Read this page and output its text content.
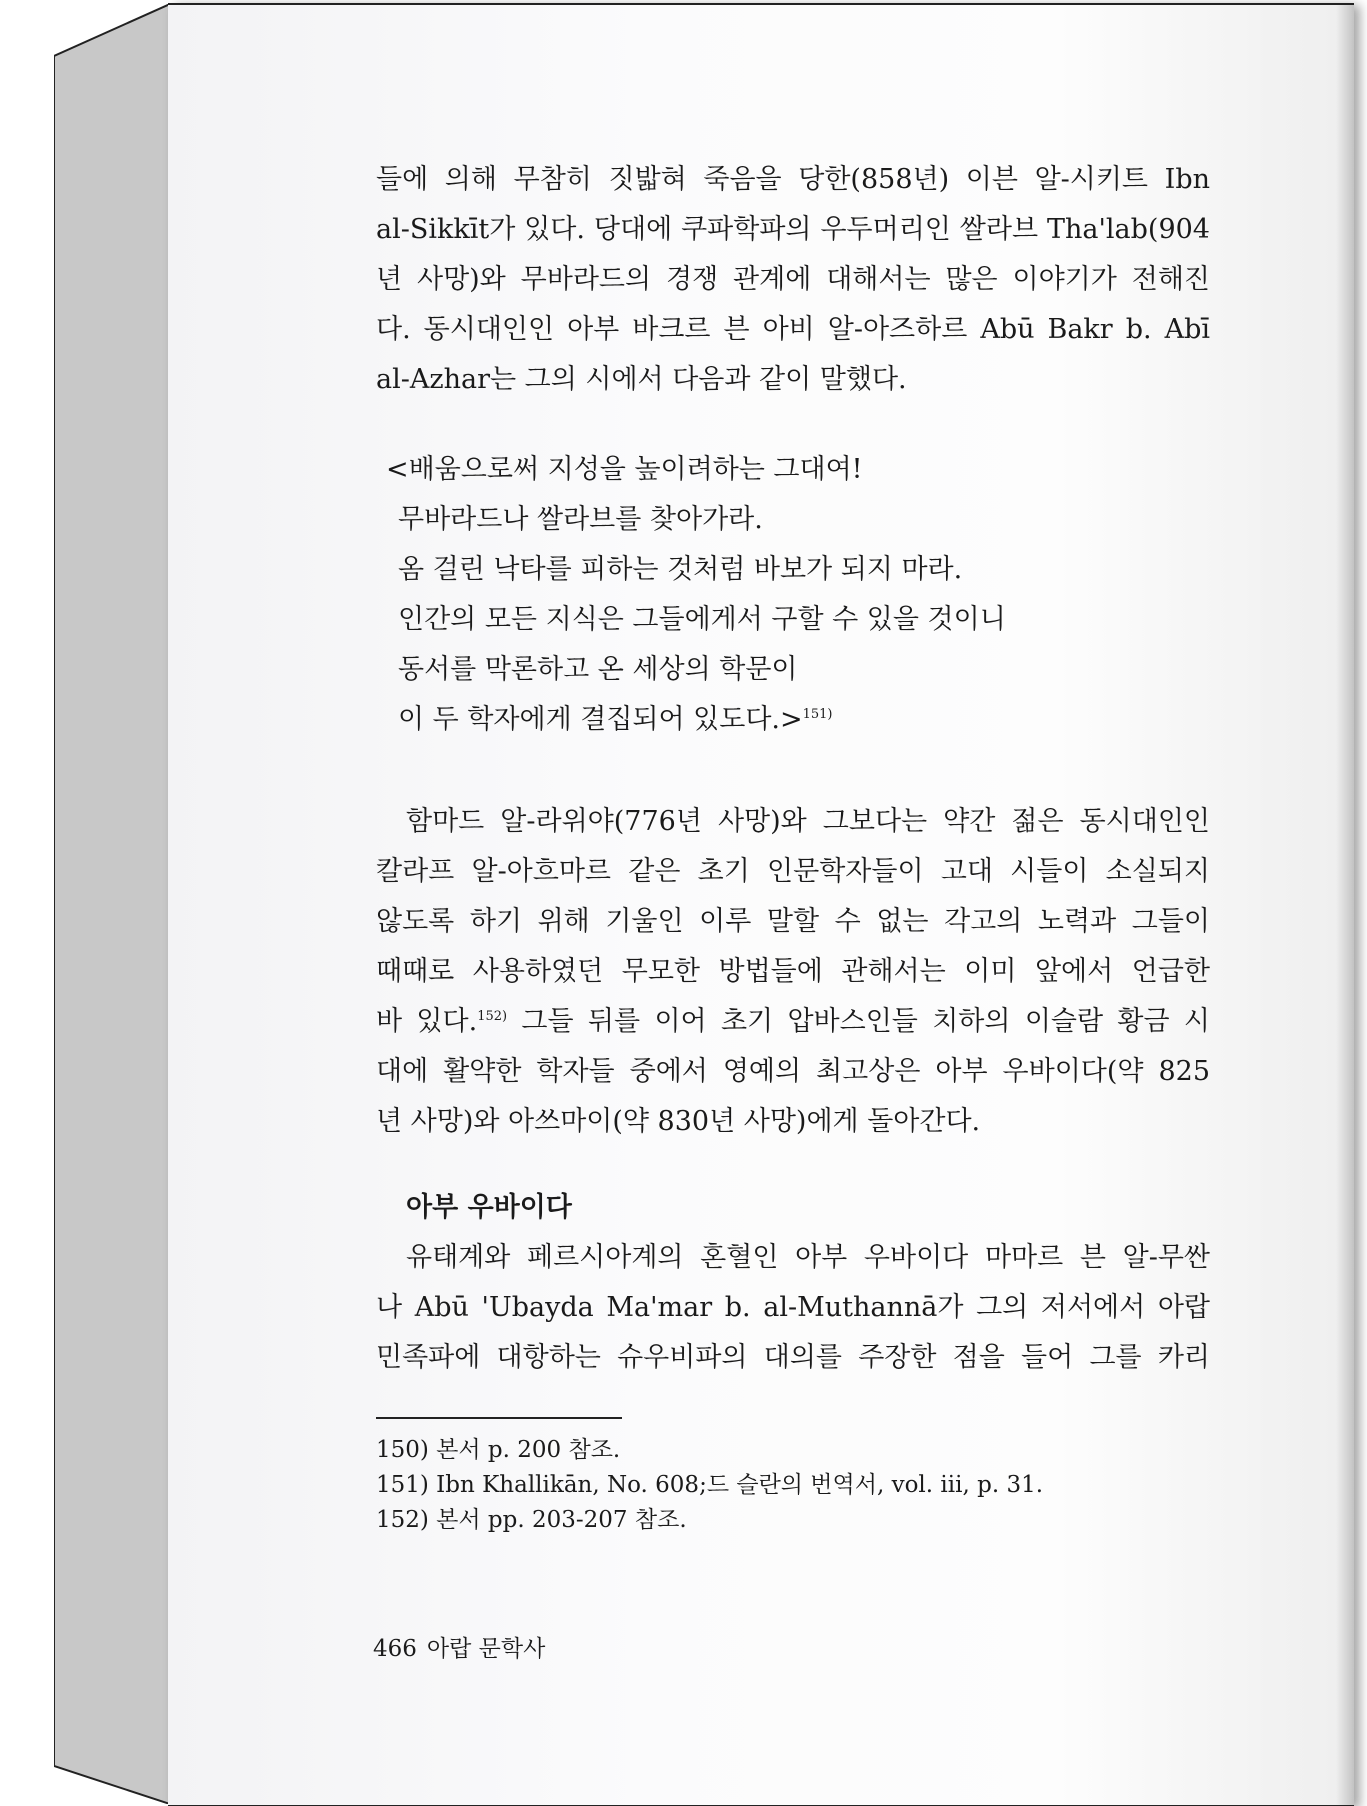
들에 의해 무참히 짓밟혀 죽음을 당한(858년) 이븐 알-시키트 Ibn
al-Sikkīt가 있다. 당대에 쿠파학파의 우두머리인 쌀라브 Tha'lab(904
년 사망)와 무바라드의 경쟁 관계에 대해서는 많은 이야기가 전해진
다. 동시대인인 아부 바크르 븐 아비 알-아즈하르 Abū Bakr b. Abī
al-Azhar는 그의 시에서 다음과 같이 말했다.

<배움으로써 지성을 높이려하는 그대여!
무바라드나 쌀라브를 찾아가라.
옴 걸린 낙타를 피하는 것처럼 바보가 되지 마라.
인간의 모든 지식은 그들에게서 구할 수 있을 것이니
동서를 막론하고 온 세상의 학문이
이 두 학자에게 결집되어 있도다.>$^{151)}$

함마드 알-라위야(776년 사망)와 그보다는 약간 젊은 동시대인인
칼라프 알-아흐마르 같은 초기 인문학자들이 고대 시들이 소실되지
않도록 하기 위해 기울인 이루 말할 수 없는 각고의 노력과 그들이
때때로 사용하였던 무모한 방법들에 관해서는 이미 앞에서 언급한
바 있다.$^{152)}$ 그들 뒤를 이어 초기 압바스인들 치하의 이슬람 황금 시
대에 활약한 학자들 중에서 영예의 최고상은 아부 우바이다(약 825
년 사망)와 아쓰마이(약 830년 사망)에게 돌아간다.

아부 우바이다

유태계와 페르시아계의 혼혈인 아부 우바이다 마마르 븐 알-무싼
나 Abū 'Ubayda Ma'mar b. al-Muthannā가 그의 저서에서 아랍
민족파에 대항하는 슈우비파의 대의를 주장한 점을 들어 그를 카리

150) 본서 p. 200 참조.
151) Ibn Khallikān, No. 608;드 슬란의 번역서, vol. iii, p. 31.
152) 본서 pp. 203-207 참조.
466 아랍 문학사
